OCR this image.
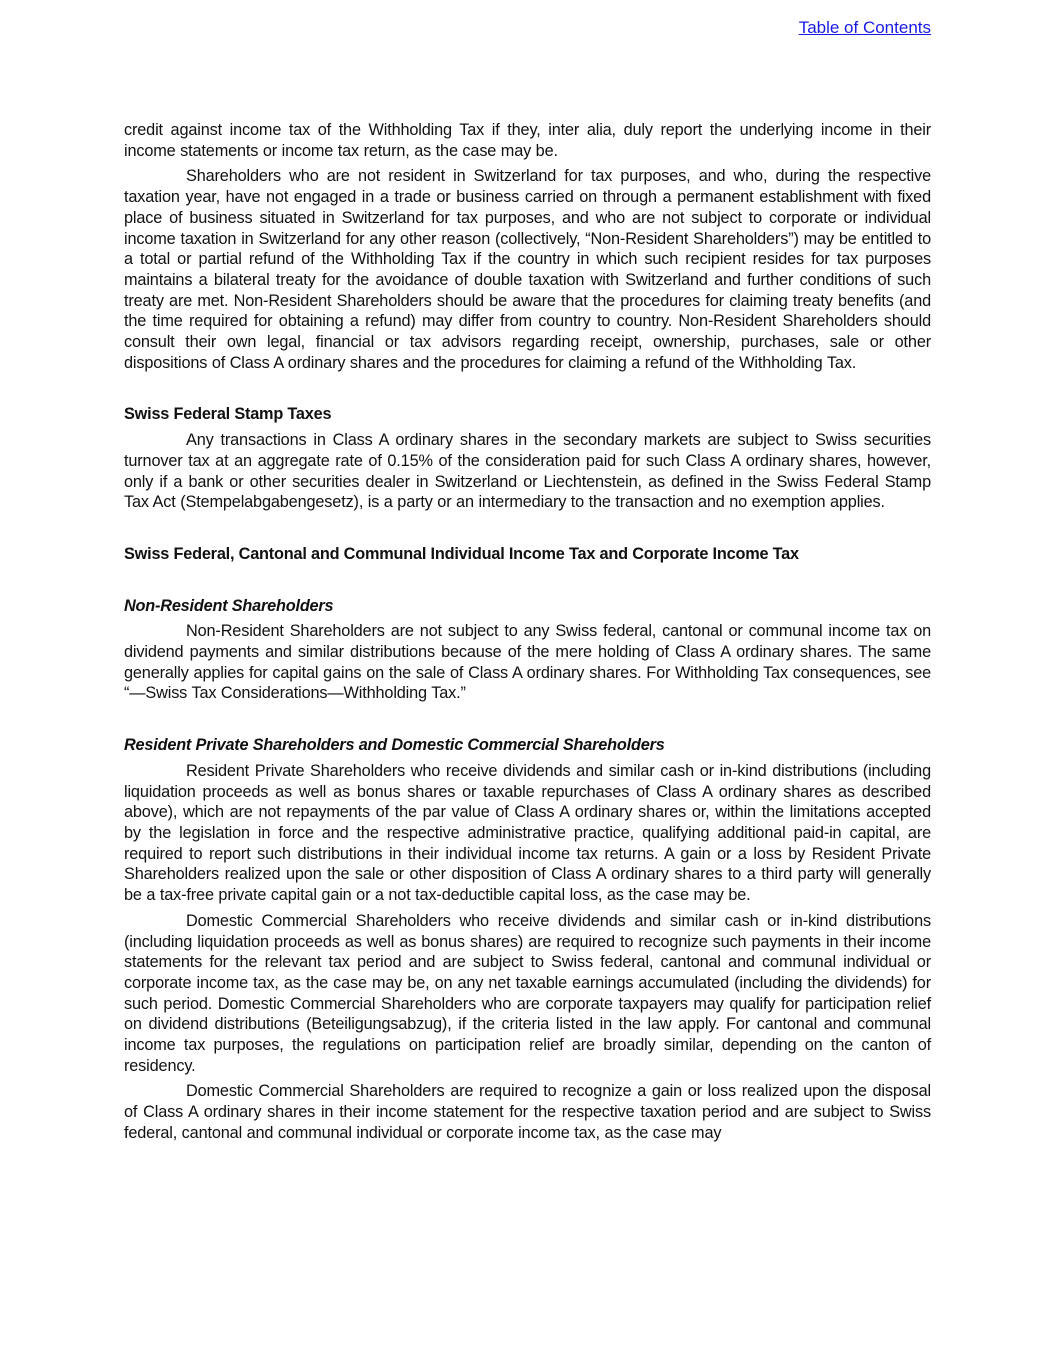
Table of Contents

credit against income tax of the Withholding Tax if they, inter alia, duly report the underlying income in their income statements or income tax return, as the case may be.

Shareholders who are not resident in Switzerland for tax purposes, and who, during the respective taxation year, have not engaged in a trade or business carried on through a permanent establishment with fixed place of business situated in Switzerland for tax purposes, and who are not subject to corporate or individual income taxation in Switzerland for any other reason (collectively, “Non-Resident Shareholders”) may be entitled to a total or partial refund of the Withholding Tax if the country in which such recipient resides for tax purposes maintains a bilateral treaty for the avoidance of double taxation with Switzerland and further conditions of such treaty are met. Non-Resident Shareholders should be aware that the procedures for claiming treaty benefits (and the time required for obtaining a refund) may differ from country to country. Non-Resident Shareholders should consult their own legal, financial or tax advisors regarding receipt, ownership, purchases, sale or other dispositions of Class A ordinary shares and the procedures for claiming a refund of the Withholding Tax.

Swiss Federal Stamp Taxes

Any transactions in Class A ordinary shares in the secondary markets are subject to Swiss securities turnover tax at an aggregate rate of 0.15% of the consideration paid for such Class A ordinary shares, however, only if a bank or other securities dealer in Switzerland or Liechtenstein, as defined in the Swiss Federal Stamp Tax Act (Stempelabgabengesetz), is a party or an intermediary to the transaction and no exemption applies.

Swiss Federal, Cantonal and Communal Individual Income Tax and Corporate Income Tax
Non-Resident Shareholders

Non-Resident Shareholders are not subject to any Swiss federal, cantonal or communal income tax on dividend payments and similar distributions because of the mere holding of Class A ordinary shares. The same generally applies for capital gains on the sale of Class A ordinary shares. For Withholding Tax consequences, see “—Swiss Tax Considerations—Withholding Tax.”

Resident Private Shareholders and Domestic Commercial Shareholders

Resident Private Shareholders who receive dividends and similar cash or in-kind distributions (including liquidation proceeds as well as bonus shares or taxable repurchases of Class A ordinary shares as described above), which are not repayments of the par value of Class A ordinary shares or, within the limitations accepted by the legislation in force and the respective administrative practice, qualifying additional paid-in capital, are required to report such distributions in their individual income tax returns. A gain or a loss by Resident Private Shareholders realized upon the sale or other disposition of Class A ordinary shares to a third party will generally be a tax-free private capital gain or a not tax-deductible capital loss, as the case may be.

Domestic Commercial Shareholders who receive dividends and similar cash or in-kind distributions (including liquidation proceeds as well as bonus shares) are required to recognize such payments in their income statements for the relevant tax period and are subject to Swiss federal, cantonal and communal individual or corporate income tax, as the case may be, on any net taxable earnings accumulated (including the dividends) for such period. Domestic Commercial Shareholders who are corporate taxpayers may qualify for participation relief on dividend distributions (Beteiligungsabzug), if the criteria listed in the law apply. For cantonal and communal income tax purposes, the regulations on participation relief are broadly similar, depending on the canton of residency.

Domestic Commercial Shareholders are required to recognize a gain or loss realized upon the disposal of Class A ordinary shares in their income statement for the respective taxation period and are subject to Swiss federal, cantonal and communal individual or corporate income tax, as the case may
